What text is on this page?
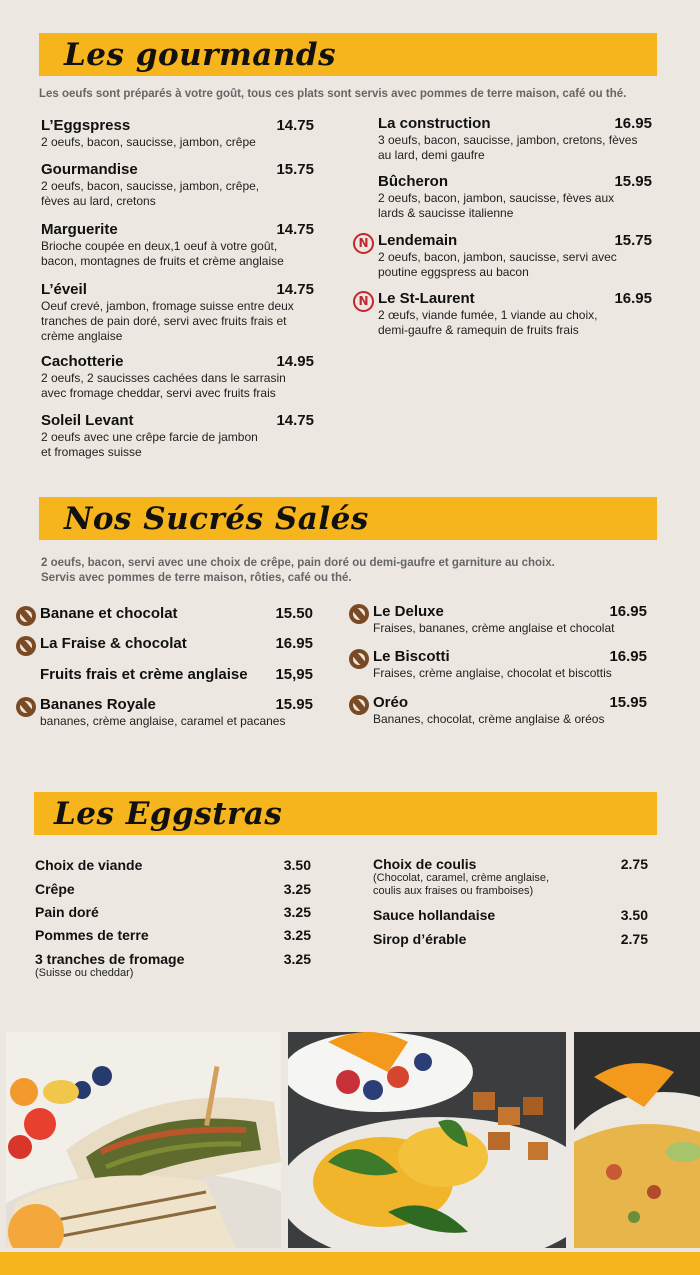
Les gourmands
Les oeufs sont préparés à votre goût, tous ces plats sont servis avec pommes de terre maison, café ou thé.
Nos Sucrés Salés
2 oeufs, bacon, servi avec une choix de crêpe, pain doré ou demi-gaufre et garniture au choix.
Servis avec pommes de terre maison, rôties, café ou thé.
Les Eggstras
L’Eggspress	14.75
2 oeufs, bacon, saucisse, jambon, crêpe
Gourmandise	15.75
2 oeufs, bacon, saucisse, jambon, crêpe,
fèves au lard, cretons
Marguerite	14.75
Brioche coupée en deux,1 oeuf à votre goût,
bacon, montagnes de fruits et crème anglaise
L’éveil	14.75
Oeuf crevé, jambon, fromage suisse entre deux
tranches de pain doré, servi avec fruits frais et
crème anglaise
Cachotterie	14.95
2 oeufs, 2 saucisses cachées dans le sarrasin
avec fromage cheddar, servi avec fruits frais
Soleil Levant	14.75
2 oeufs avec une crêpe farcie de jambon
et fromages suisse
La construction	16.95
3 oeufs, bacon, saucisse, jambon, cretons, fèves
au lard, demi gaufre
Bûcheron	15.95
2 oeufs, bacon, jambon, saucisse, fèves aux
lards & saucisse italienne
Lendemain	15.75
2 oeufs, bacon, jambon, saucisse, servi avec
poutine eggspress au bacon
N
Le St-Laurent	16.95
2 œufs, viande fumée, 1 viande au choix,
demi-gaufre & ramequin de fruits frais
N
Banane et chocolat	15.50
La Fraise & chocolat	16.95
Fruits frais et crème anglaise 15,95
Bananes Royale	15.95
bananes, crème anglaise, caramel et pacanes
Le Deluxe	16.95
Fraises, bananes, crème anglaise et chocolat
Le Biscotti	16.95
Fraises, crème anglaise, chocolat et biscottis
Oréo	15.95
Bananes, chocolat, crème anglaise & oréos
Choix de viande	3.50
Crêpe	3.25
Pain doré	3.25
Pommes de terre	3.25
3 tranches de fromage	3.25
(Suisse ou cheddar)
Choix de coulis	2.75
(Chocolat, caramel, crème anglaise,
coulis aux fraises ou framboises)
Sauce hollandaise	3.50
Sirop d’érable	2.75
